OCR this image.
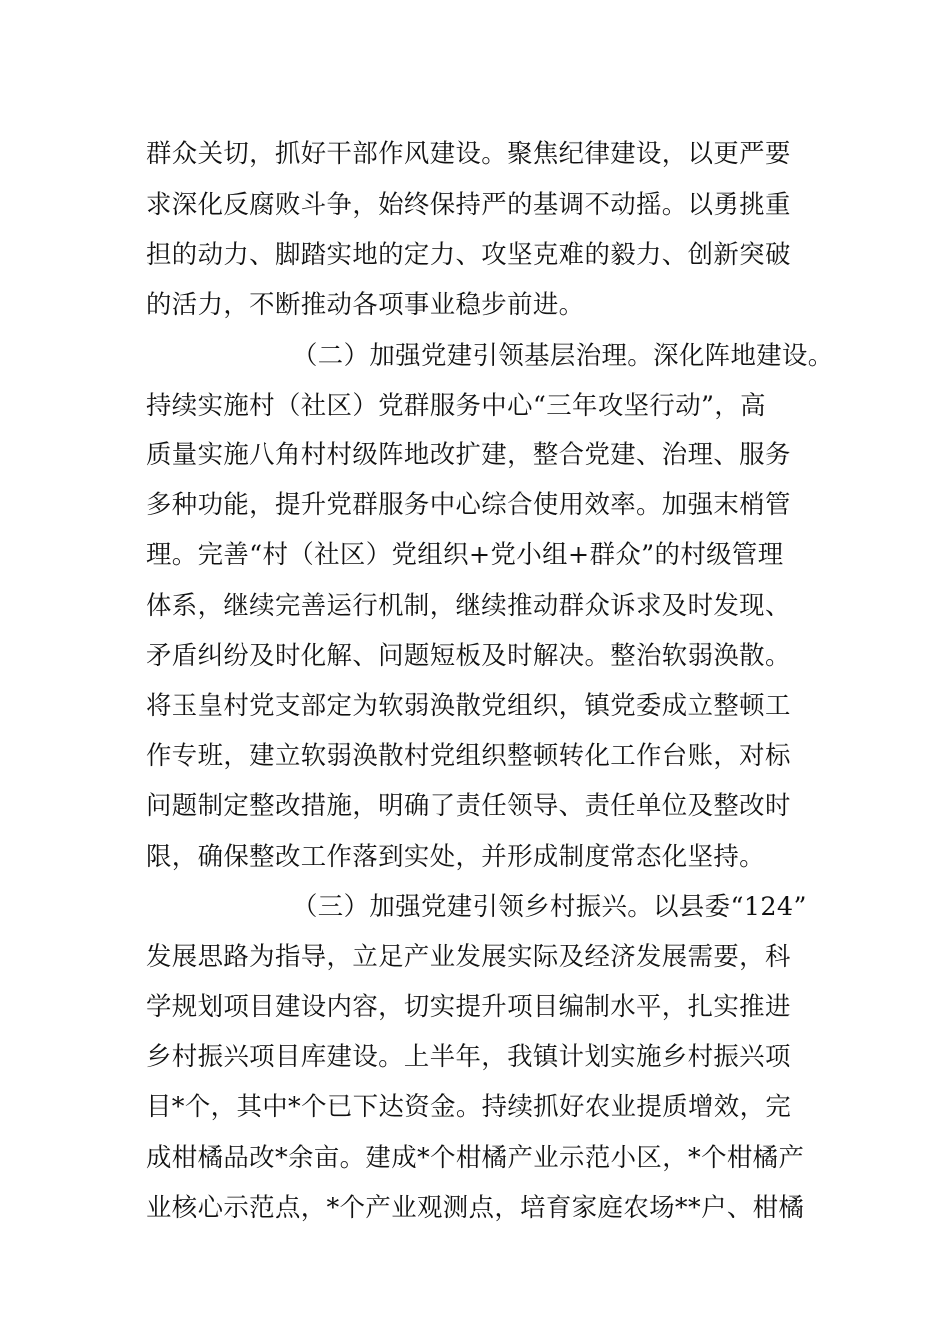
群众关切，抓好干部作风建设。聚焦纪律建设，以更严要
求深化反腐败斗争，始终保持严的基调不动摇。以勇挑重
担的动力、脚踏实地的定力、攻坚克难的毅力、创新突破
的活力，不断推动各项事业稳步前进。
（二）加强党建引领基层治理。深化阵地建设。
持续实施村（社区）党群服务中心“三年攻坚行动”，高
质量实施八角村村级阵地改扩建，整合党建、治理、服务
多种功能，提升党群服务中心综合使用效率。加强末梢管
理。完善“村（社区）党组织+党小组+群众”的村级管理
体系，继续完善运行机制，继续推动群众诉求及时发现、
矛盾纠纷及时化解、问题短板及时解决。整治软弱涣散。
将玉皇村党支部定为软弱涣散党组织，镇党委成立整顿工
作专班，建立软弱涣散村党组织整顿转化工作台账，对标
问题制定整改措施，明确了责任领导、责任单位及整改时
限，确保整改工作落到实处，并形成制度常态化坚持。
（三）加强党建引领乡村振兴。以县委“124”
发展思路为指导，立足产业发展实际及经济发展需要，科
学规划项目建设内容，切实提升项目编制水平，扎实推进
乡村振兴项目库建设。上半年，我镇计划实施乡村振兴项
目*个，其中*个已下达资金。持续抓好农业提质增效，完
成柑橘品改*余亩。建成*个柑橘产业示范小区，*个柑橘产
业核心示范点，*个产业观测点，培育家庭农场**户、柑橘
